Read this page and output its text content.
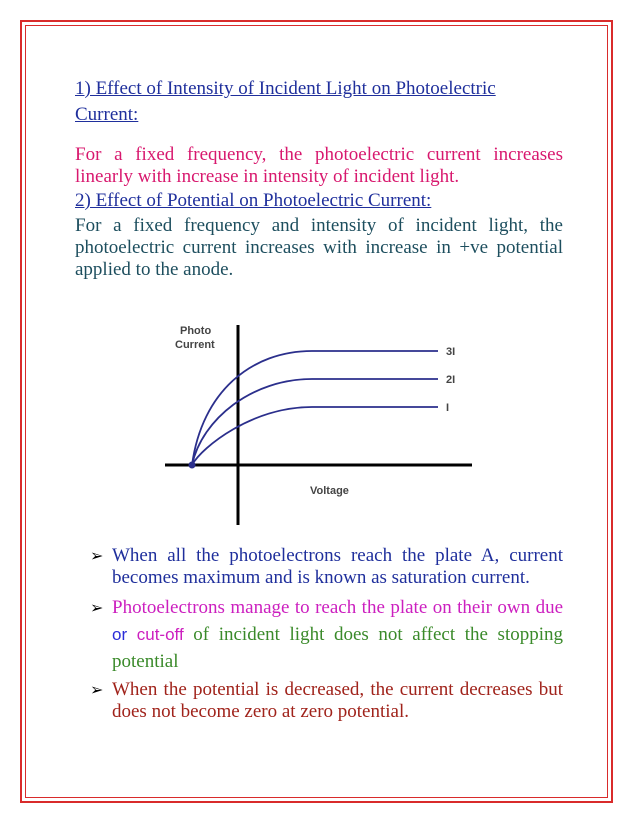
1) Effect of Intensity of Incident Light on Photoelectric
Current:
For a fixed frequency, the photoelectric current increases linearly with increase in intensity of incident light.
2) Effect of Potential on Photoelectric Current:
For a fixed frequency and intensity of incident light, the photoelectric current increases with increase in +ve potential applied to the anode.
3I
2I
I
Photo
Current
Voltage
➢ When all the photoelectrons reach the plate A, current becomes maximum and is known as saturation current.
➢ Photoelectrons manage to reach the plate on their own due or cut-off of incident light does not affect the stopping potential
➢ When the potential is decreased, the current decreases but does not become zero at zero potential.
